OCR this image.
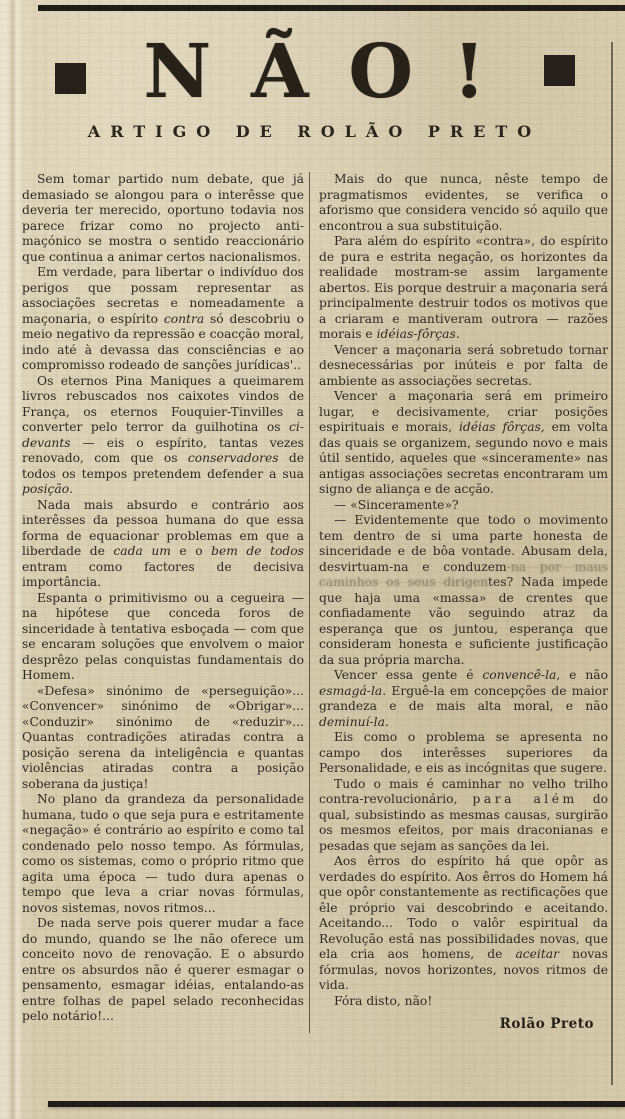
NÃO!
ARTIGO DE ROLÃO PRETO

Sem tomar partido num debate, que já demasiado se alongou para o interêsse que deveria ter merecido, oportuno todavia nos parece frizar como no projecto anti-maçónico se mostra o sentido reaccionário que continua a animar certos nacionalismos.

Em verdade, para libertar o indivíduo dos perigos que possam representar as associações secretas e nomeadamente a maçonaria, o espírito contra só descobriu o meio negativo da repressão e coacção moral, indo até à devassa das consciências e ao compromisso rodeado de sanções jurídicas'..

Os eternos Pina Maniques a queimarem livros rebuscados nos caixotes vindos de França, os eternos Fouquier-Tinvilles a converter pelo terror da guilhotina os ci-devants — eis o espírito, tantas vezes renovado, com que os conservadores de todos os tempos pretendem defender a sua posição.

Nada mais absurdo e contrário aos interêsses da pessoa humana do que essa forma de equacionar problemas em que a liberdade de cada um e o bem de todos entram como factores de decisiva importância.

Espanta o primitivismo ou a cegueira — na hipótese que conceda foros de sinceridade à tentativa esboçada — com que se encaram soluções que envolvem o maior desprêzo pelas conquistas fundamentais do Homem.

«Defesa» sinónimo de «perseguição»... «Convencer» sinónimo de «Obrigar»... «Conduzir» sinónimo de «reduzir»... Quantas contradições atiradas contra a posição serena da inteligência e quantas violências atiradas contra a posição soberana da justiça!

No plano da grandeza da personalidade humana, tudo o que seja pura e estritamente «negação» é contrário ao espírito e como tal condenado pelo nosso tempo. As fórmulas, como os sistemas, como o próprio ritmo que agita uma época — tudo dura apenas o tempo que leva a criar novas fórmulas, novos sistemas, novos ritmos...

De nada serve pois querer mudar a face do mundo, quando se lhe não oferece um conceito novo de renovação. E o absurdo entre os absurdos não é querer esmagar o pensamento, esmagar idéias, entalando-as entre folhas de papel selado reconhecidas pelo notário!...

Mais do que nunca, nêste tempo de pragmatismos evidentes, se verifica o aforismo que considera vencido só aquilo que encontrou a sua substituição.

Para além do espírito «contra», do espírito de pura e estrita negação, os horizontes da realidade mostram-se assim largamente abertos. Eis porque destruir a maçonaria será principalmente destruir todos os motivos que a criaram e mantiveram outrora — razões morais e idéias-fôrças.

Vencer a maçonaria será sobretudo tornar desnecessárias por inúteis e por falta de ambiente as associações secretas.

Vencer a maçonaria será em primeiro lugar, e decisivamente, criar posições espirituais e morais, idéias fôrças, em volta das quais se organizem, segundo novo e mais útil sentido, aqueles que «sinceramente» nas antigas associações secretas encontraram um signo de aliança e de acção.

— «Sinceramente»?

— Evidentemente que todo o movimento tem dentro de si uma parte honesta de sinceridade e de bôa vontade. Abusam dela, desvirtuam-na e conduzem-na por maus caminhos os seus dirigentes? Nada impede que haja uma «massa» de crentes que confiadamente vão seguindo atraz da esperança que os juntou, esperança que consideram honesta e suficiente justificação da sua própria marcha.

Vencer essa gente é convencê-la, e não esmagá-la. Erguê-la em concepções de maior grandeza e de mais alta moral, e não deminuí-la.

Eis como o problema se apresenta no campo dos interêsses superiores da Personalidade, e eis as incógnitas que sugere.

Tudo o mais é caminhar no velho trilho contra-revolucionário, para além do qual, subsistindo as mesmas causas, surgirão os mesmos efeitos, por mais draconianas e pesadas que sejam as sanções da lei.

Aos êrros do espírito há que opôr as verdades do espírito. Aos êrros do Homem há que opôr constantemente as rectificações que êle próprio vai descobrindo e aceitando. Aceitando... Todo o valôr espiritual da Revolução está nas possibilidades novas, que ela cria aos homens, de aceitar novas fórmulas, novos horizontes, novos ritmos de vida.

Fóra disto, não!

Rolão Preto
